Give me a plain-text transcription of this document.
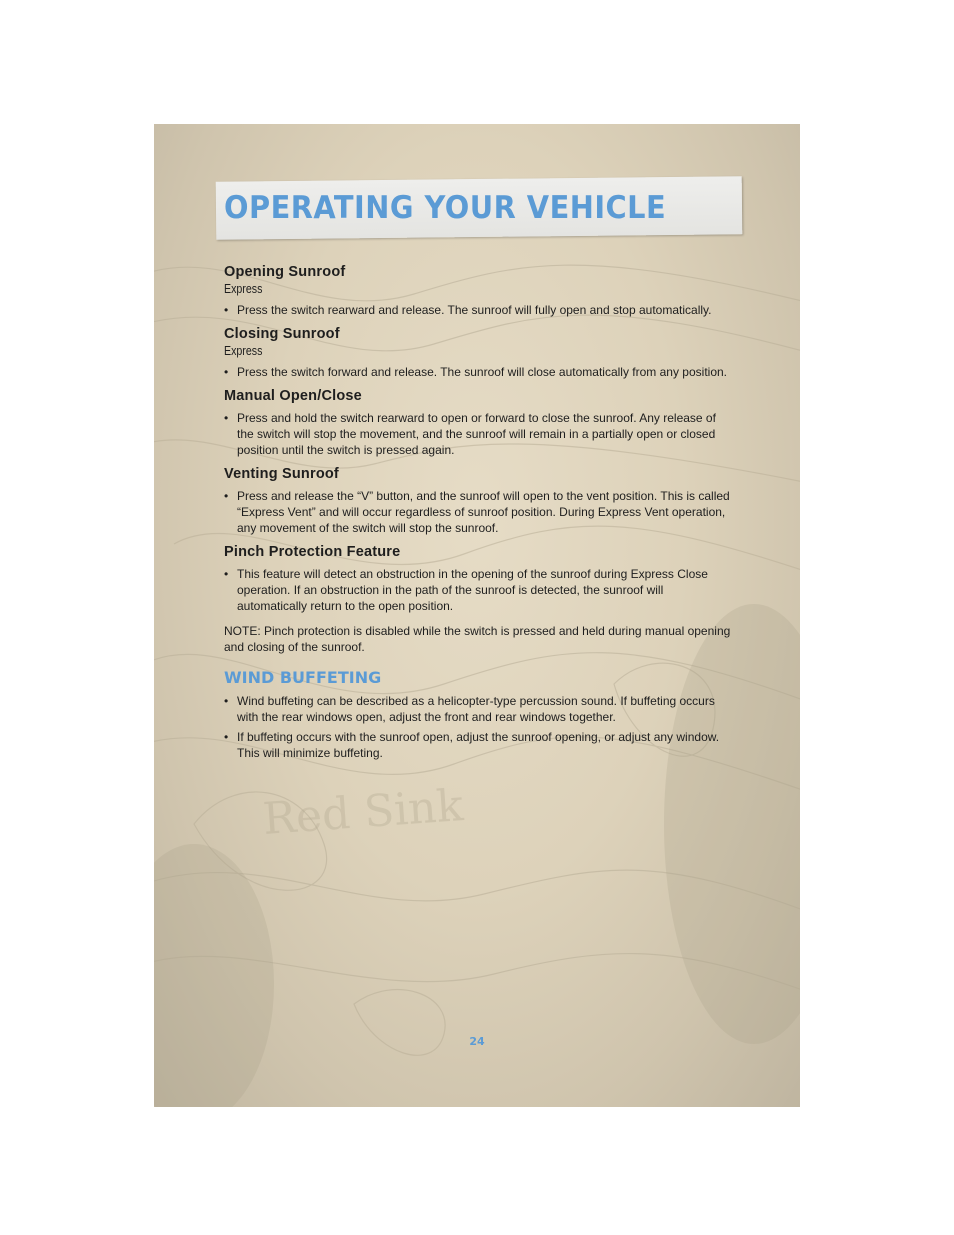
Red Sink
OPERATING YOUR VEHICLE

Opening Sunroof

Express

• Press the switch rearward and release. The sunroof will fully open and stop automatically.

Closing Sunroof

Express

• Press the switch forward and release. The sunroof will close automatically from any position.

Manual Open/Close

• Press and hold the switch rearward to open or forward to close the sunroof. Any release of the switch will stop the movement, and the sunroof will remain in a partially open or closed position until the switch is pressed again.

Venting Sunroof

• Press and release the “V” button, and the sunroof will open to the vent position. This is called “Express Vent” and will occur regardless of sunroof position. During Express Vent operation, any movement of the switch will stop the sunroof.

Pinch Protection Feature

• This feature will detect an obstruction in the opening of the sunroof during Express Close operation. If an obstruction in the path of the sunroof is detected, the sunroof will automatically return to the open position.

NOTE: Pinch protection is disabled while the switch is pressed and held during manual opening and closing of the sunroof.

WIND BUFFETING
• Wind buffeting can be described as a helicopter-type percussion sound. If buffeting occurs with the rear windows open, adjust the front and rear windows together.
• If buffeting occurs with the sunroof open, adjust the sunroof opening, or adjust any window. This will minimize buffeting.
24
